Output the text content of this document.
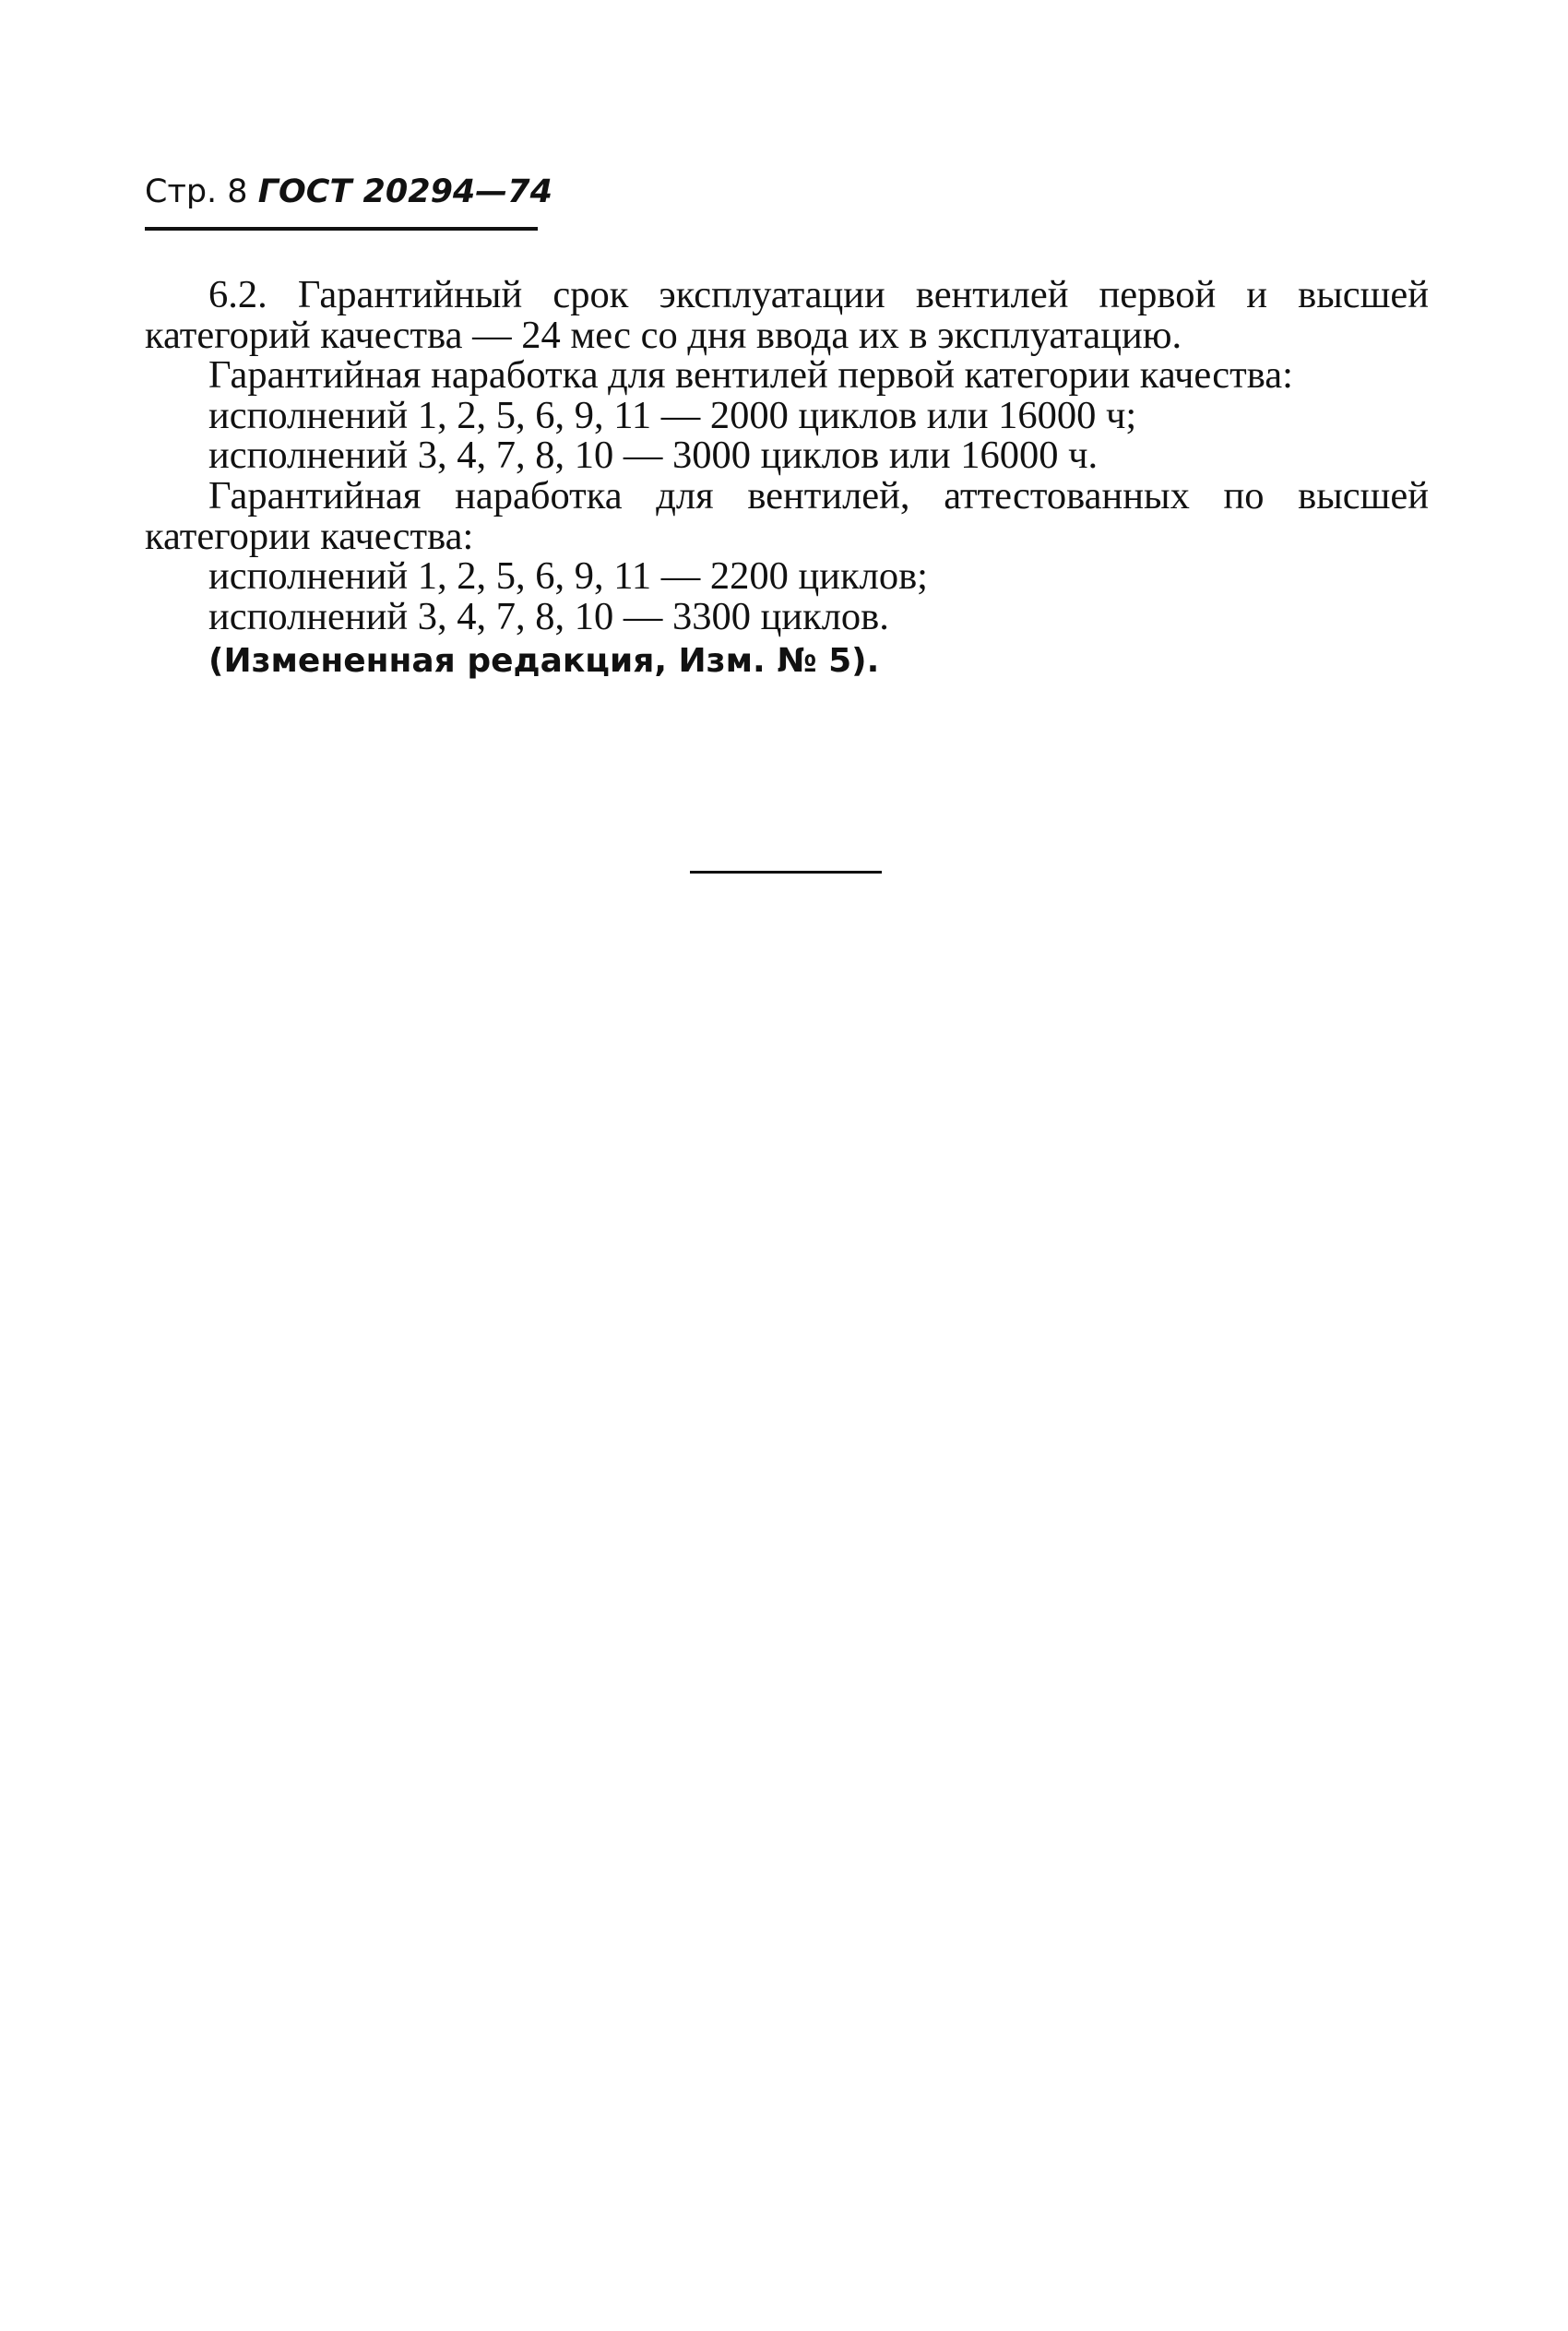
Стр. 8 ГОСТ 20294—74

6.2. Гарантийный срок эксплуатации вентилей первой и высшей категорий качества — 24 мес со дня ввода их в эксплуатацию.

Гарантийная наработка для вентилей первой категории качества:

исполнений 1, 2, 5, 6, 9, 11 — 2000 циклов или 16000 ч;

исполнений 3, 4, 7, 8, 10 — 3000 циклов или 16000 ч.

Гарантийная наработка для вентилей, аттестованных по высшей категории качества:

исполнений 1, 2, 5, 6, 9, 11 — 2200 циклов;

исполнений 3, 4, 7, 8, 10 — 3300 циклов.

(Измененная редакция, Изм. № 5).
